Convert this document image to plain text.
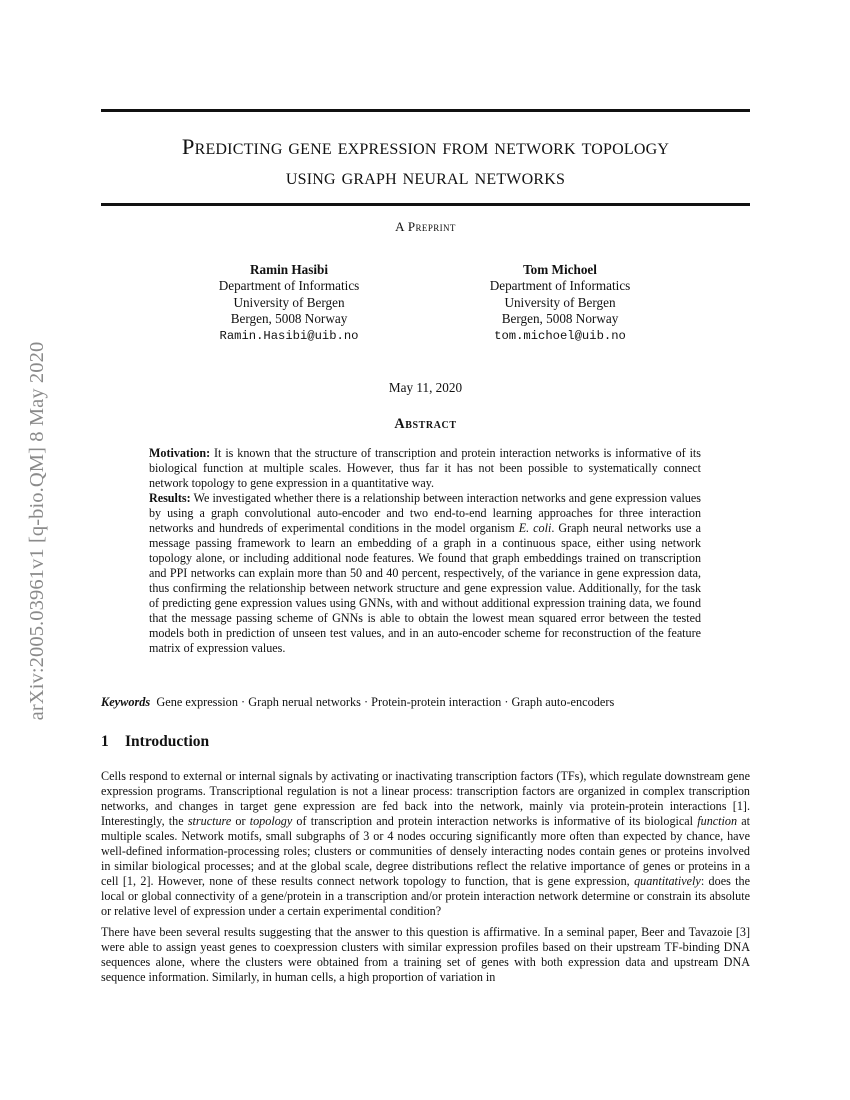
arXiv:2005.03961v1 [q-bio.QM] 8 May 2020
Predicting gene expression from network topology
using graph neural networks
A Preprint
Ramin Hasibi
Department of Informatics
University of Bergen
Bergen, 5008 Norway
Ramin.Hasibi@uib.no
Tom Michoel
Department of Informatics
University of Bergen
Bergen, 5008 Norway
tom.michoel@uib.no
May 11, 2020
Abstract

Motivation: It is known that the structure of transcription and protein interaction networks is informative of its biological function at multiple scales. However, thus far it has not been possible to systematically connect network topology to gene expression in a quantitative way.

Results: We investigated whether there is a relationship between interaction networks and gene expression values by using a graph convolutional auto-encoder and two end-to-end learning approaches for three interaction networks and hundreds of experimental conditions in the model organism E. coli. Graph neural networks use a message passing framework to learn an embedding of a graph in a continuous space, either using network topology alone, or including additional node features. We found that graph embeddings trained on transcription and PPI networks can explain more than 50 and 40 percent, respectively, of the variance in gene expression data, thus confirming the relationship between network structure and gene expression value. Additionally, for the task of predicting gene expression values using GNNs, with and without additional expression training data, we found that the message passing scheme of GNNs is able to obtain the lowest mean squared error between the tested models both in prediction of unseen test values, and in an auto-encoder scheme for reconstruction of the feature matrix of expression values.

Keywords Gene expression · Graph nerual networks · Protein-protein interaction · Graph auto-encoders
1 Introduction

Cells respond to external or internal signals by activating or inactivating transcription factors (TFs), which regulate downstream gene expression programs. Transcriptional regulation is not a linear process: transcription factors are organized in complex transcription networks, and changes in target gene expression are fed back into the network, mainly via protein-protein interactions [1]. Interestingly, the structure or topology of transcription and protein interaction networks is informative of its biological function at multiple scales. Network motifs, small subgraphs of 3 or 4 nodes occuring significantly more often than expected by chance, have well-defined information-processing roles; clusters or communities of densely interacting nodes contain genes or proteins involved in similar biological processes; and at the global scale, degree distributions reflect the relative importance of genes or proteins in a cell [1, 2]. However, none of these results connect network topology to function, that is gene expression, quantitatively: does the local or global connectivity of a gene/protein in a transcription and/or protein interaction network determine or constrain its absolute or relative level of expression under a certain experimental condition?

There have been several results suggesting that the answer to this question is affirmative. In a seminal paper, Beer and Tavazoie [3] were able to assign yeast genes to coexpression clusters with similar expression profiles based on their upstream TF-binding DNA sequences alone, where the clusters were obtained from a training set of genes with both expression data and upstream DNA sequence information. Similarly, in human cells, a high proportion of variation in
